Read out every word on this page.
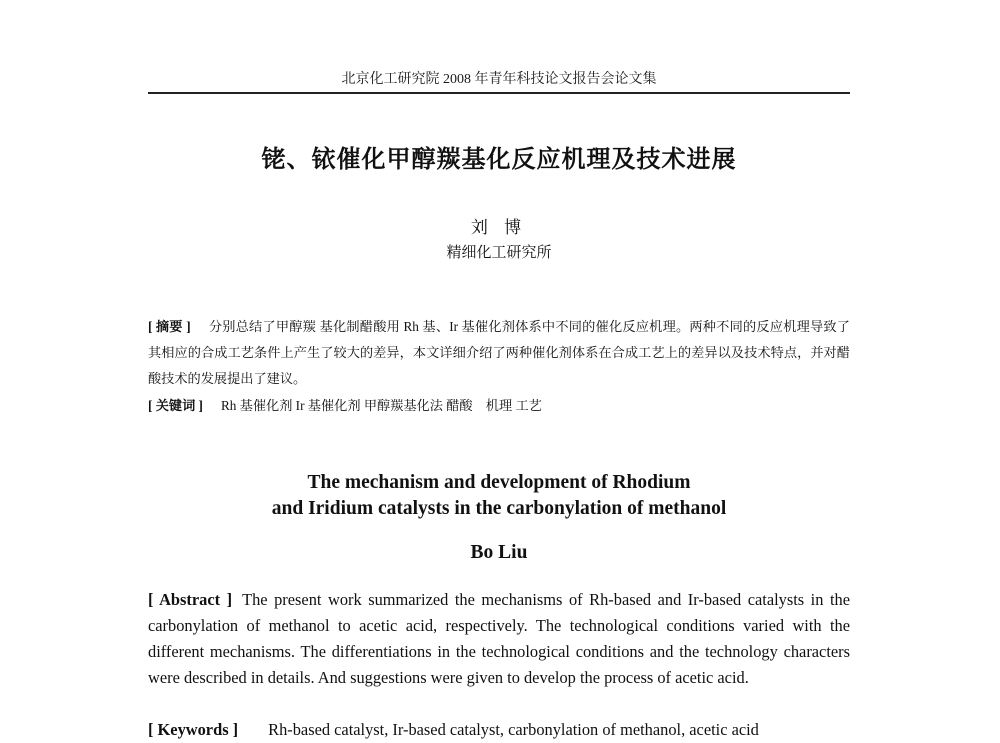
北京化工研究院 2008 年青年科技论文报告会论文集
铑、铱催化甲醇羰基化反应机理及技术进展
刘 博
精细化工研究所
[ 摘要 ] 分别总结了甲醇羰 基化制醋酸用 Rh 基、Ir 基催化剂体系中不同的催化反应机理。两种不同的反应机理导致了其相应的合成工艺条件上产生了较大的差异，本文详细介绍了两种催化剂体系在合成工艺上的差异以及技术特点，并对醋酸技术的发展提出了建议。
[ 关键词 ] Rh 基催化剂 Ir 基催化剂 甲醇羰基化法 醋酸　机理 工艺
The mechanism and development of Rhodium
and Iridium catalysts in the carbonylation of methanol
Bo Liu
[ Abstract ] The present work summarized the mechanisms of Rh-based and Ir-based catalysts in the carbonylation of methanol to acetic acid, respectively. The technological conditions varied with the different mechanisms. The differentiations in the technological conditions and the technology characters were described in details. And suggestions were given to develop the process of acetic acid.
[ Keywords ] Rh-based catalyst, Ir-based catalyst, carbonylation of methanol, acetic acid
